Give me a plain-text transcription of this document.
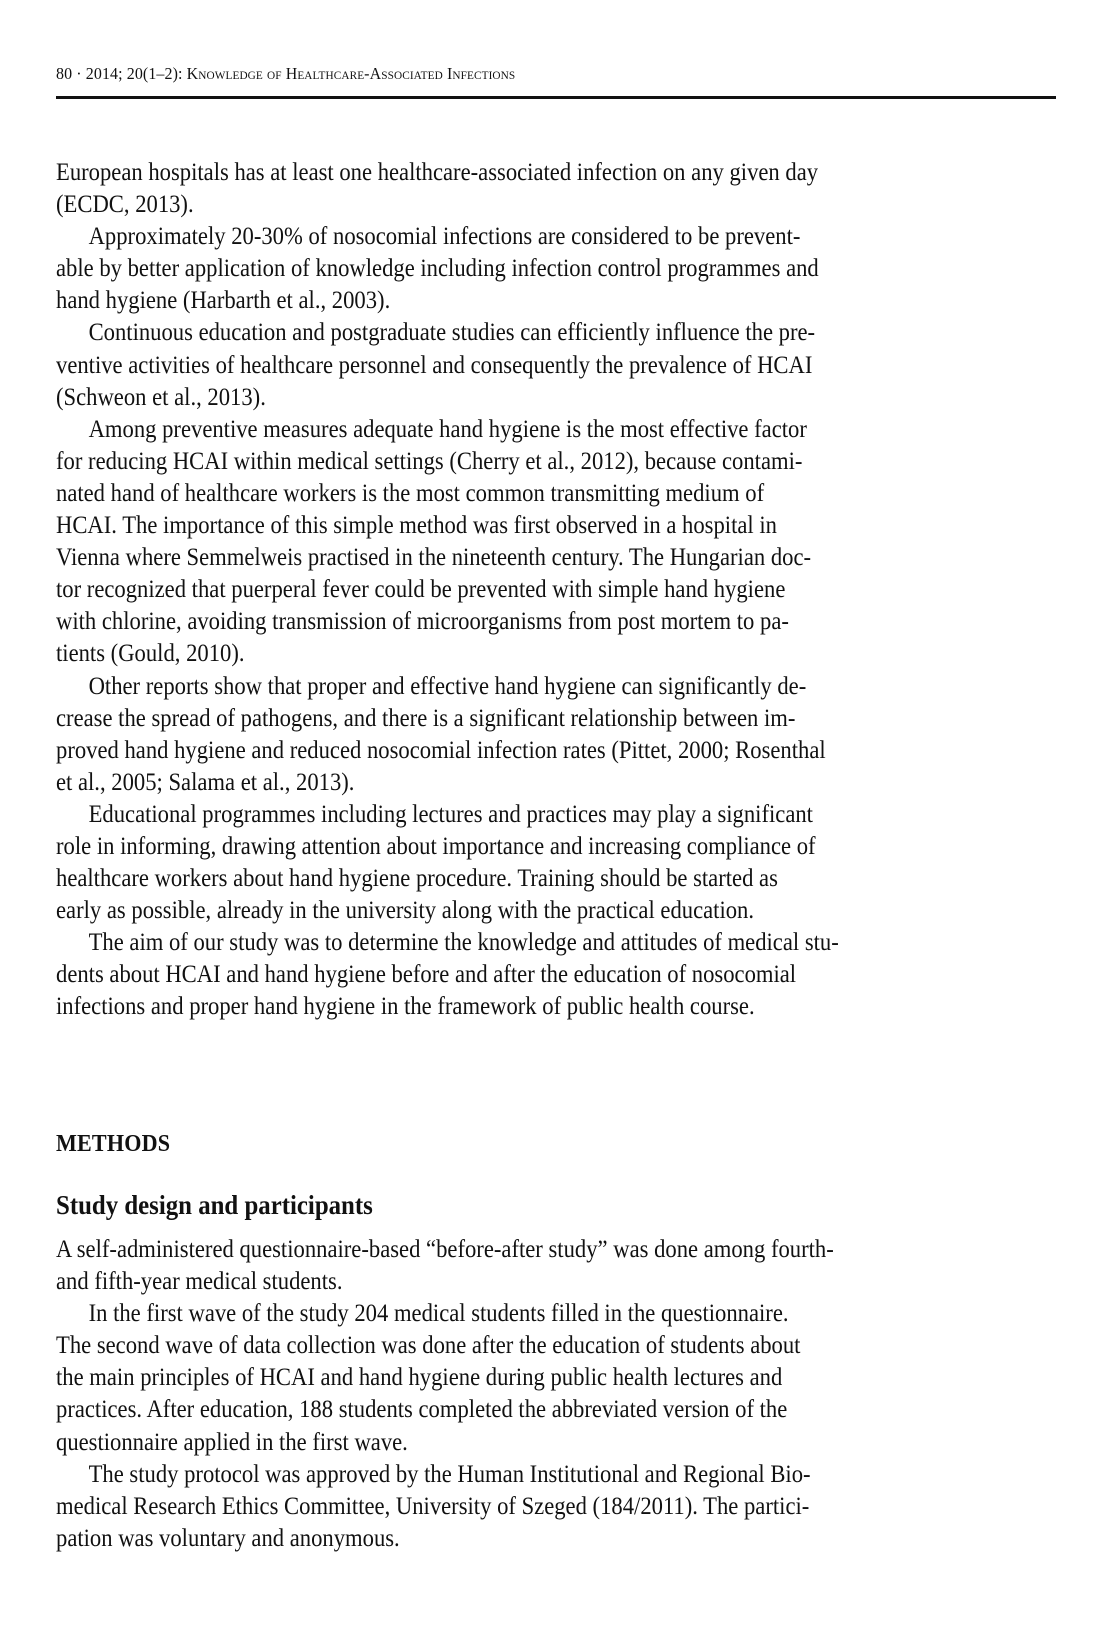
80 · 2014; 20(1–2): Knowledge of Healthcare-Associated Infections
European hospitals has at least one healthcare-associated infection on any given day
(ECDC, 2013).
Approximately 20-30% of nosocomial infections are considered to be prevent-
able by better application of knowledge including infection control programmes and
hand hygiene (Harbarth et al., 2003).
Continuous education and postgraduate studies can efficiently influence the pre-
ventive activities of healthcare personnel and consequently the prevalence of HCAI
(Schweon et al., 2013).
Among preventive measures adequate hand hygiene is the most effective factor
for reducing HCAI within medical settings (Cherry et al., 2012), because contami-
nated hand of healthcare workers is the most common transmitting medium of
HCAI. The importance of this simple method was first observed in a hospital in
Vienna where Semmelweis practised in the nineteenth century. The Hungarian doc-
tor recognized that puerperal fever could be prevented with simple hand hygiene
with chlorine, avoiding transmission of microorganisms from post mortem to pa-
tients (Gould, 2010).
Other reports show that proper and effective hand hygiene can significantly de-
crease the spread of pathogens, and there is a significant relationship between im-
proved hand hygiene and reduced nosocomial infection rates (Pittet, 2000; Rosenthal
et al., 2005; Salama et al., 2013).
Educational programmes including lectures and practices may play a significant
role in informing, drawing attention about importance and increasing compliance of
healthcare workers about hand hygiene procedure. Training should be started as
early as possible, already in the university along with the practical education.
The aim of our study was to determine the knowledge and attitudes of medical stu-
dents about HCAI and hand hygiene before and after the education of nosocomial
infections and proper hand hygiene in the framework of public health course.
METHODS
Study design and participants
A self-administered questionnaire-based “before-after study” was done among fourth-
and fifth-year medical students.
In the first wave of the study 204 medical students filled in the questionnaire.
The second wave of data collection was done after the education of students about
the main principles of HCAI and hand hygiene during public health lectures and
practices. After education, 188 students completed the abbreviated version of the
questionnaire applied in the first wave.
The study protocol was approved by the Human Institutional and Regional Bio-
medical Research Ethics Committee, University of Szeged (184/2011). The partici-
pation was voluntary and anonymous.
